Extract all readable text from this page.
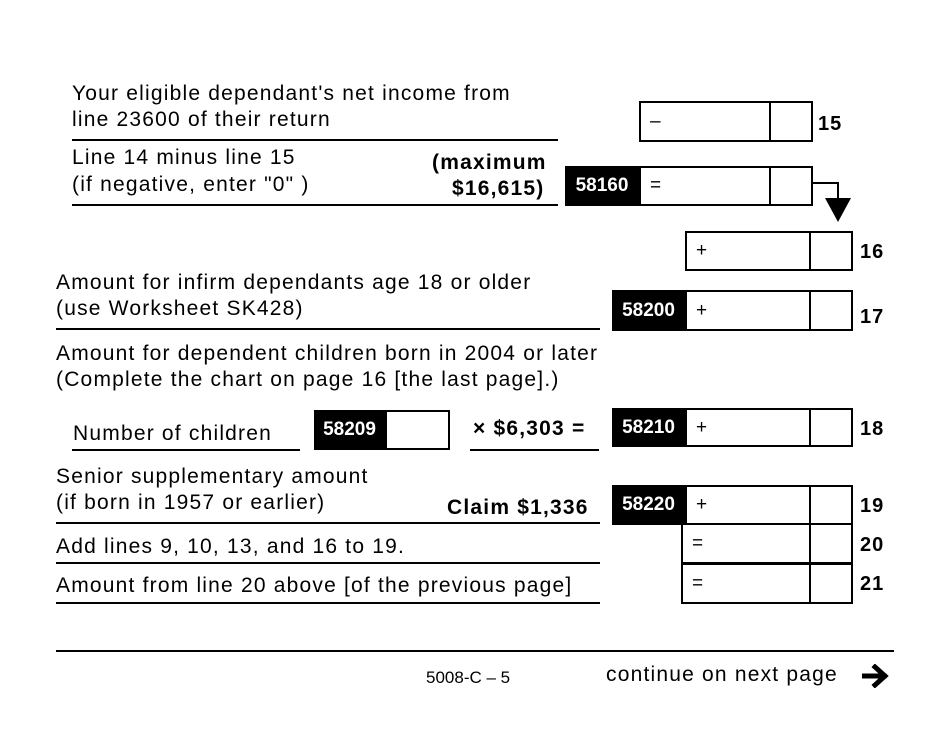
Your eligible dependant's net income from
line 23600 of their return	–	15
Line 14 minus line 15
(if negative, enter "0" )
(maximum
$16,615)	58160	=
+	16
Amount for infirm dependants age 18 or older
(use Worksheet SK428)	58200	+	17
Amount for dependent children born in 2004 or later
(Complete the chart on page 16 [the last page].)
Number of children	58209	× $6,303 =	58210	+	18
Senior supplementary amount
(if born in 1957 or earlier)	Claim $1,336	58220	+	19
Add lines 9, 10, 13, and 16 to 19.	=	20
Amount from line 20 above [of the previous page]	=	21
5008-C – 5	continue on next page
